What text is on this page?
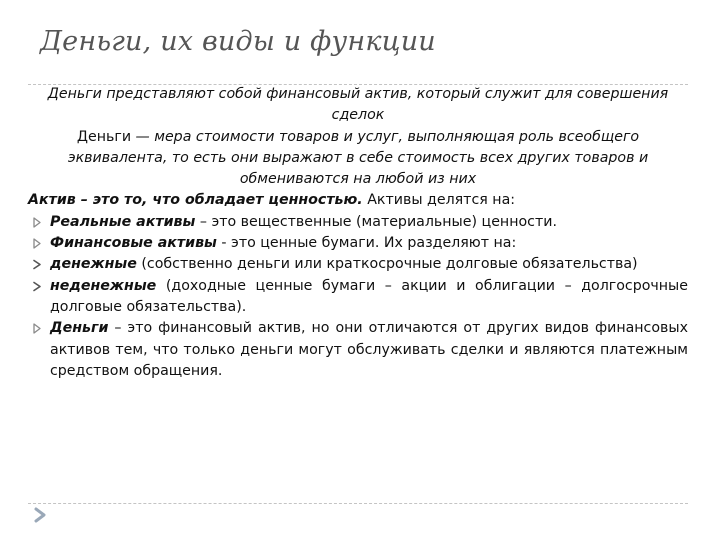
Деньги, их виды и функции

Деньги представляют собой финансовый актив, который служит для совершения сделок

Деньги — мера стоимости товаров и услуг, выполняющая роль всеобщего эквивалента, то есть они выражают в себе стоимость всех других товаров и обмениваются на любой из них

Актив – это то, что обладает ценностью. Активы делятся на:

Реальные активы – это вещественные (материальные) ценности.

Финансовые активы - это ценные бумаги. Их разделяют на:

денежные (собственно деньги или краткосрочные долговые обязательства)

неденежные (доходные ценные бумаги – акции и облигации – долгосрочные долговые обязательства).

Деньги – это финансовый актив, но они отличаются от других видов финансовых активов тем, что только деньги могут обслуживать сделки и являются платежным средством обращения.
